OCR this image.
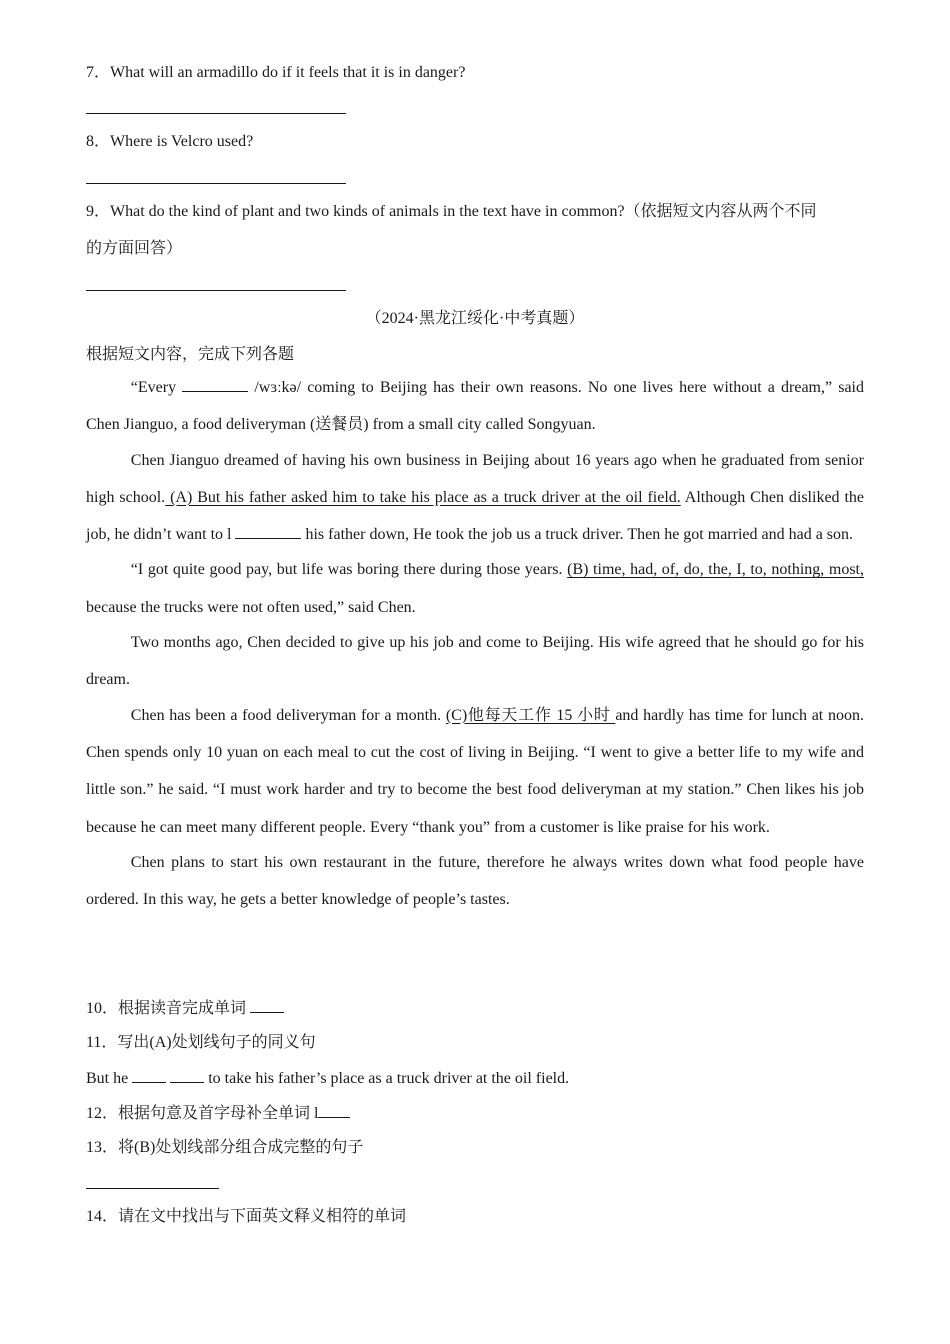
7．What will an armadillo do if it feels that it is in danger?
8．Where is Velcro used?
9．What do the kind of plant and two kinds of animals in the text have in common?（依据短文内容从两个不同
的方面回答）
（2024·黑龙江绥化·中考真题）
根据短文内容，完成下列各题

“Every	/wɜːkə/ coming to Beijing has their own reasons. No one lives here without a dream,” said Chen Jianguo, a food deliveryman (送餐员) from a small city called Songyuan.

Chen Jianguo dreamed of having his own business in Beijing about 16 years ago when he graduated from senior high school. (A) But his father asked him to take his place as a truck driver at the oil field. Although Chen disliked the job, he didn’t want to l	his father down, He took the job us a truck driver. Then he got married and had a son.

“I got quite good pay, but life was boring there during those years. (B) time, had, of, do, the, I, to, nothing, most, because the trucks were not often used,” said Chen.

Two months ago, Chen decided to give up his job and come to Beijing. His wife agreed that he should go for his dream.

Chen has been a food deliveryman for a month. (C)他每天工作 15 小时 and hardly has time for lunch at noon. Chen spends only 10 yuan on each meal to cut the cost of living in Beijing. “I went to give a better life to my wife and little son.” he said. “I must work harder and try to become the best food deliveryman at my station.” Chen likes his job because he can meet many different people. Every “thank you” from a customer is like praise for his work.

Chen plans to start his own restaurant in the future, therefore he always writes down what food people have ordered. In this way, he gets a better knowledge of people’s tastes.

10．根据读音完成单词
11．写出(A)处划线句子的同义句
But he	to take his father’s place as a truck driver at the oil field.
12．根据句意及首字母补全单词 l
13．将(B)处划线部分组合成完整的句子
14．请在文中找出与下面英文释义相符的单词
